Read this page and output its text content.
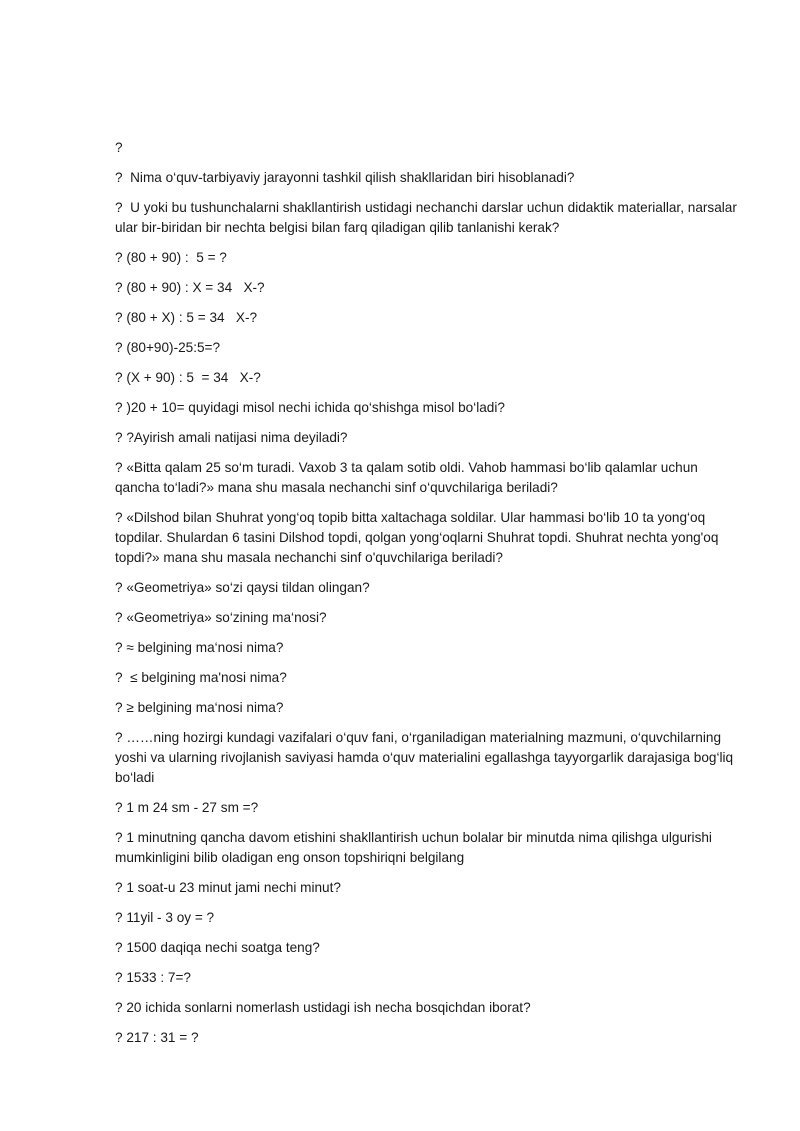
?

?  Nima o‘quv-tarbiyaviy jarayonni tashkil qilish shakllaridan biri hisoblanadi?

?  U yoki bu tushunchalarni shakllantirish ustidagi nechanchi darslar uchun didaktik materiallar, narsalar ular bir-biridan bir nechta belgisi bilan farq qiladigan qilib tanlanishi kerak?

? (80 + 90) :  5 = ?

? (80 + 90) : X = 34   X-?

? (80 + X) : 5 = 34   X-?

? (80+90)-25:5=?

? (X + 90) : 5  = 34   X-?

? )20 + 10= quyidagi misol nechi ichida qo‘shishga misol bo‘ladi?

? ?Ayirish amali natijasi nima deyiladi?

? «Bitta qalam 25 so‘m turadi. Vaxob 3 ta qalam sotib oldi. Vahob hammasi bo‘lib qalamlar uchun qancha to‘ladi?» mana shu masala nechanchi sinf o‘quvchilariga beriladi?

? «Dilshod bilan Shuhrat yong‘oq topib bitta xaltachaga soldilar. Ular hammasi bo‘lib 10 ta yong‘oq topdilar. Shulardan 6 tasini Dilshod topdi, qolgan yong‘oqlarni Shuhrat topdi. Shuhrat nechta yong'oq topdi?» mana shu masala nechanchi sinf o'quvchilariga beriladi?

? «Geometriya» so‘zi qaysi tildan olingan?

? «Geometriya» so‘zining ma‘nosi?

? ≈ belgining ma‘nosi nima?

?  ≤ belgining ma'nosi nima?

? ≥ belgining ma‘nosi nima?

? ……ning hozirgi kundagi vazifalari o‘quv fani, o‘rganiladigan materialning mazmuni, o‘quvchilarning yoshi va ularning rivojlanish saviyasi hamda o‘quv materialini egallashga tayyorgarlik darajasiga bog‘liq bo‘ladi

? 1 m 24 sm - 27 sm =?

? 1 minutning qancha davom etishini shakllantirish uchun bolalar bir minutda nima qilishga ulgurishi mumkinligini bilib oladigan eng onson topshiriqni belgilang

? 1 soat-u 23 minut jami nechi minut?

? 11yil - 3 oy = ?

? 1500 daqiqa nechi soatga teng?

? 1533 : 7=?

? 20 ichida sonlarni nomerlash ustidagi ish necha bosqichdan iborat?

? 217 : 31 = ?
